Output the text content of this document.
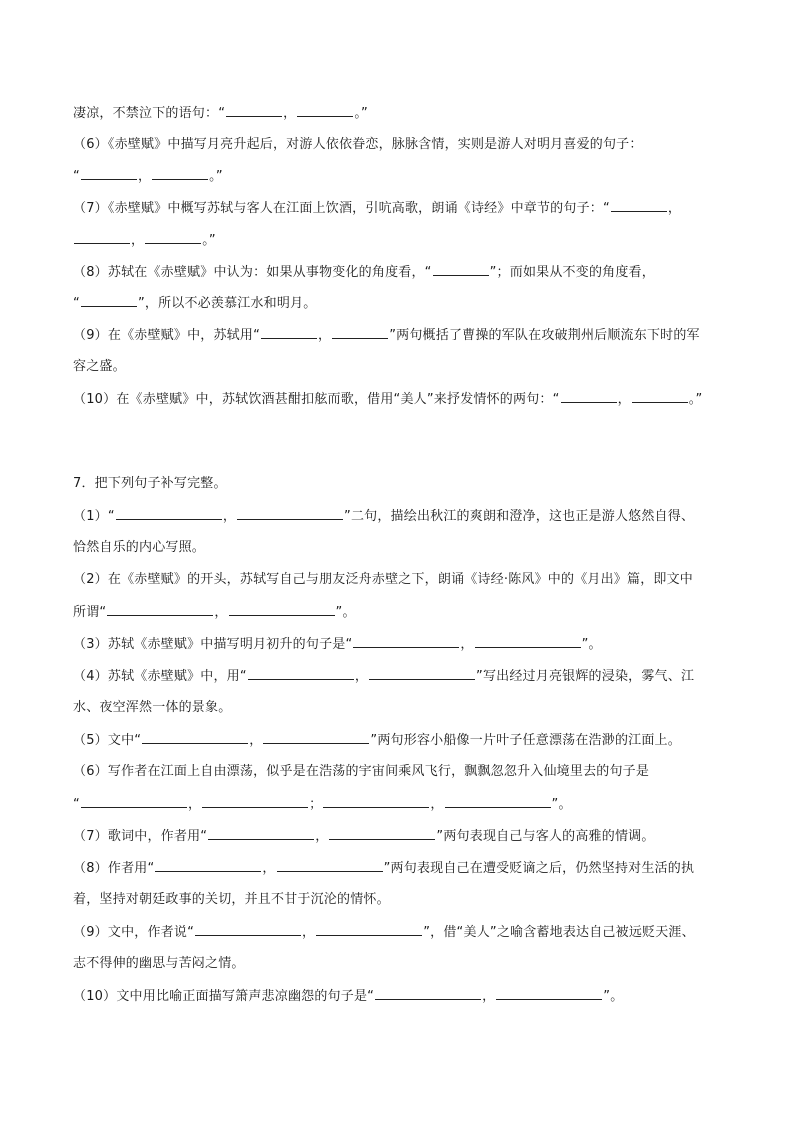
凄凉，不禁泣下的语句：“	，	。”
（6）《赤壁赋》中描写月亮升起后，对游人依依眷恋，脉脉含情，实则是游人对明月喜爱的句子：
“	，	。”
（7）《赤壁赋》中概写苏轼与客人在江面上饮酒，引吭高歌，朗诵《诗经》中章节的句子：“	，
，	。”
（8）苏轼在《赤壁赋》中认为：如果从事物变化的角度看，“	”；而如果从不变的角度看，
“	”，所以不必羡慕江水和明月。
（9）在《赤壁赋》中，苏轼用“	，	”两句概括了曹操的军队在攻破荆州后顺流东下时的军
容之盛。
（10）在《赤壁赋》中，苏轼饮酒甚酣扣舷而歌，借用“美人”来抒发情怀的两句：“	，	。”
7．把下列句子补写完整。
（1）“	，	”二句，描绘出秋江的爽朗和澄净，这也正是游人悠然自得、
恰然自乐的内心写照。
（2）在《赤壁赋》的开头，苏轼写自己与朋友泛舟赤壁之下，朗诵《诗经·陈风》中的《月出》篇，即文中
所谓“	，	”。
（3）苏轼《赤壁赋》中描写明月初升的句子是“	，	”。
（4）苏轼《赤壁赋》中，用“	，	”写出经过月亮银辉的浸染，雾气、江
水、夜空浑然一体的景象。
（5）文中“	，	”两句形容小船像一片叶子任意漂荡在浩渺的江面上。
（6）写作者在江面上自由漂荡，似乎是在浩荡的宇宙间乘风飞行，飘飘忽忽升入仙境里去的句子是
“	，	；	，	”。
（7）歌词中，作者用“	，	”两句表现自己与客人的高雅的情调。
（8）作者用“	，	”两句表现自己在遭受贬谪之后，仍然坚持对生活的执
着，坚持对朝廷政事的关切，并且不甘于沉沦的情怀。
（9）文中，作者说“	，	”，借“美人”之喻含蓄地表达自己被远贬天涯、
志不得伸的幽思与苦闷之情。
（10）文中用比喻正面描写箫声悲凉幽怨的句子是“	，	”。
